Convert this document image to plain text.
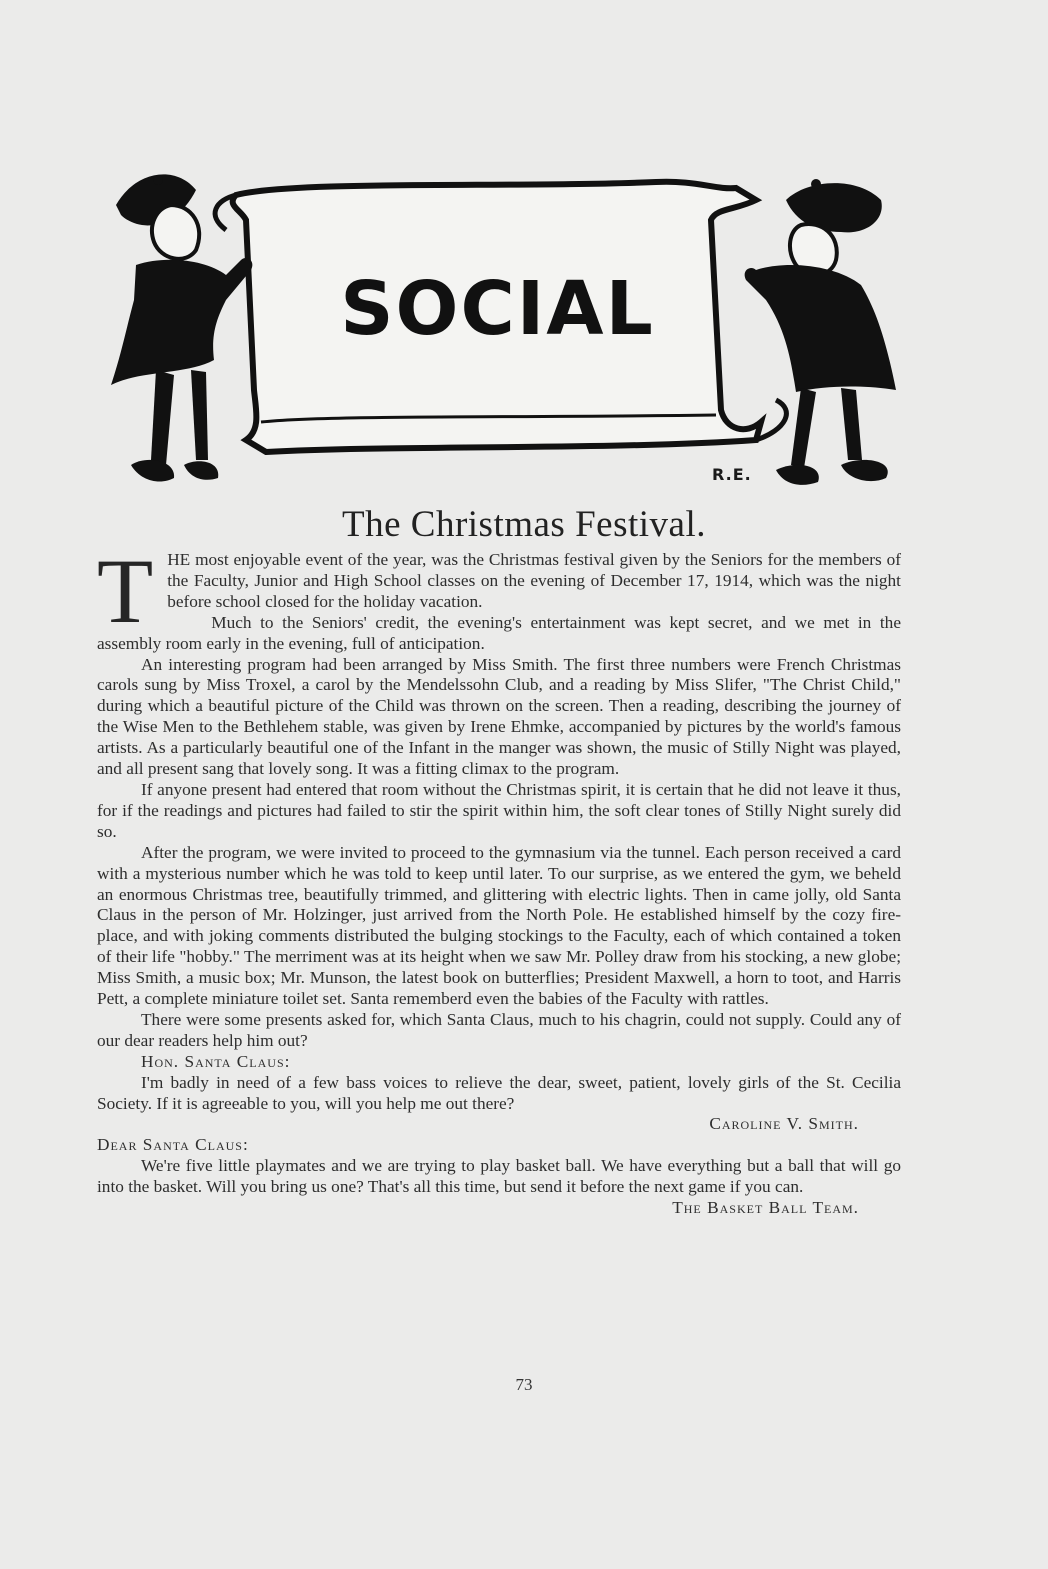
SOCIAL
R.E.
The Christmas Festival.

THE most enjoyable event of the year, was the Christmas festival given by the Seniors for the members of the Faculty, Junior and High School classes on the evening of December 17, 1914, which was the night before school closed for the holiday vacation.

Much to the Seniors' credit, the evening's entertainment was kept secret, and we met in the assembly room early in the evening, full of anticipation.

An interesting program had been arranged by Miss Smith. The first three numbers were French Christmas carols sung by Miss Troxel, a carol by the Mendelssohn Club, and a reading by Miss Slifer, "The Christ Child," during which a beautiful picture of the Child was thrown on the screen. Then a reading, describing the journey of the Wise Men to the Bethlehem stable, was given by Irene Ehmke, accompanied by pictures by the world's famous artists. As a particularly beautiful one of the Infant in the manger was shown, the music of Stilly Night was played, and all present sang that lovely song. It was a fitting climax to the program.

If anyone present had entered that room without the Christmas spirit, it is certain that he did not leave it thus, for if the readings and pictures had failed to stir the spirit within him, the soft clear tones of Stilly Night surely did so.

After the program, we were invited to proceed to the gymnasium via the tunnel. Each person received a card with a mysterious number which he was told to keep until later. To our surprise, as we entered the gym, we beheld an enormous Christmas tree, beautifully trimmed, and glittering with electric lights. Then in came jolly, old Santa Claus in the person of Mr. Holzinger, just arrived from the North Pole. He established himself by the cozy fire-place, and with joking comments distributed the bulging stockings to the Faculty, each of which contained a token of their life "hobby." The merriment was at its height when we saw Mr. Polley draw from his stocking, a new globe; Miss Smith, a music box; Mr. Munson, the latest book on butterflies; President Maxwell, a horn to toot, and Harris Pett, a complete miniature toilet set. Santa rememberd even the babies of the Faculty with rattles.

There were some presents asked for, which Santa Claus, much to his chagrin, could not supply. Could any of our dear readers help him out?

Hon. Santa Claus:

I'm badly in need of a few bass voices to relieve the dear, sweet, patient, lovely girls of the St. Cecilia Society. If it is agreeable to you, will you help me out there?

Caroline V. Smith.

Dear Santa Claus:

We're five little playmates and we are trying to play basket ball. We have everything but a ball that will go into the basket. Will you bring us one? That's all this time, but send it before the next game if you can.

The Basket Ball Team.

73
